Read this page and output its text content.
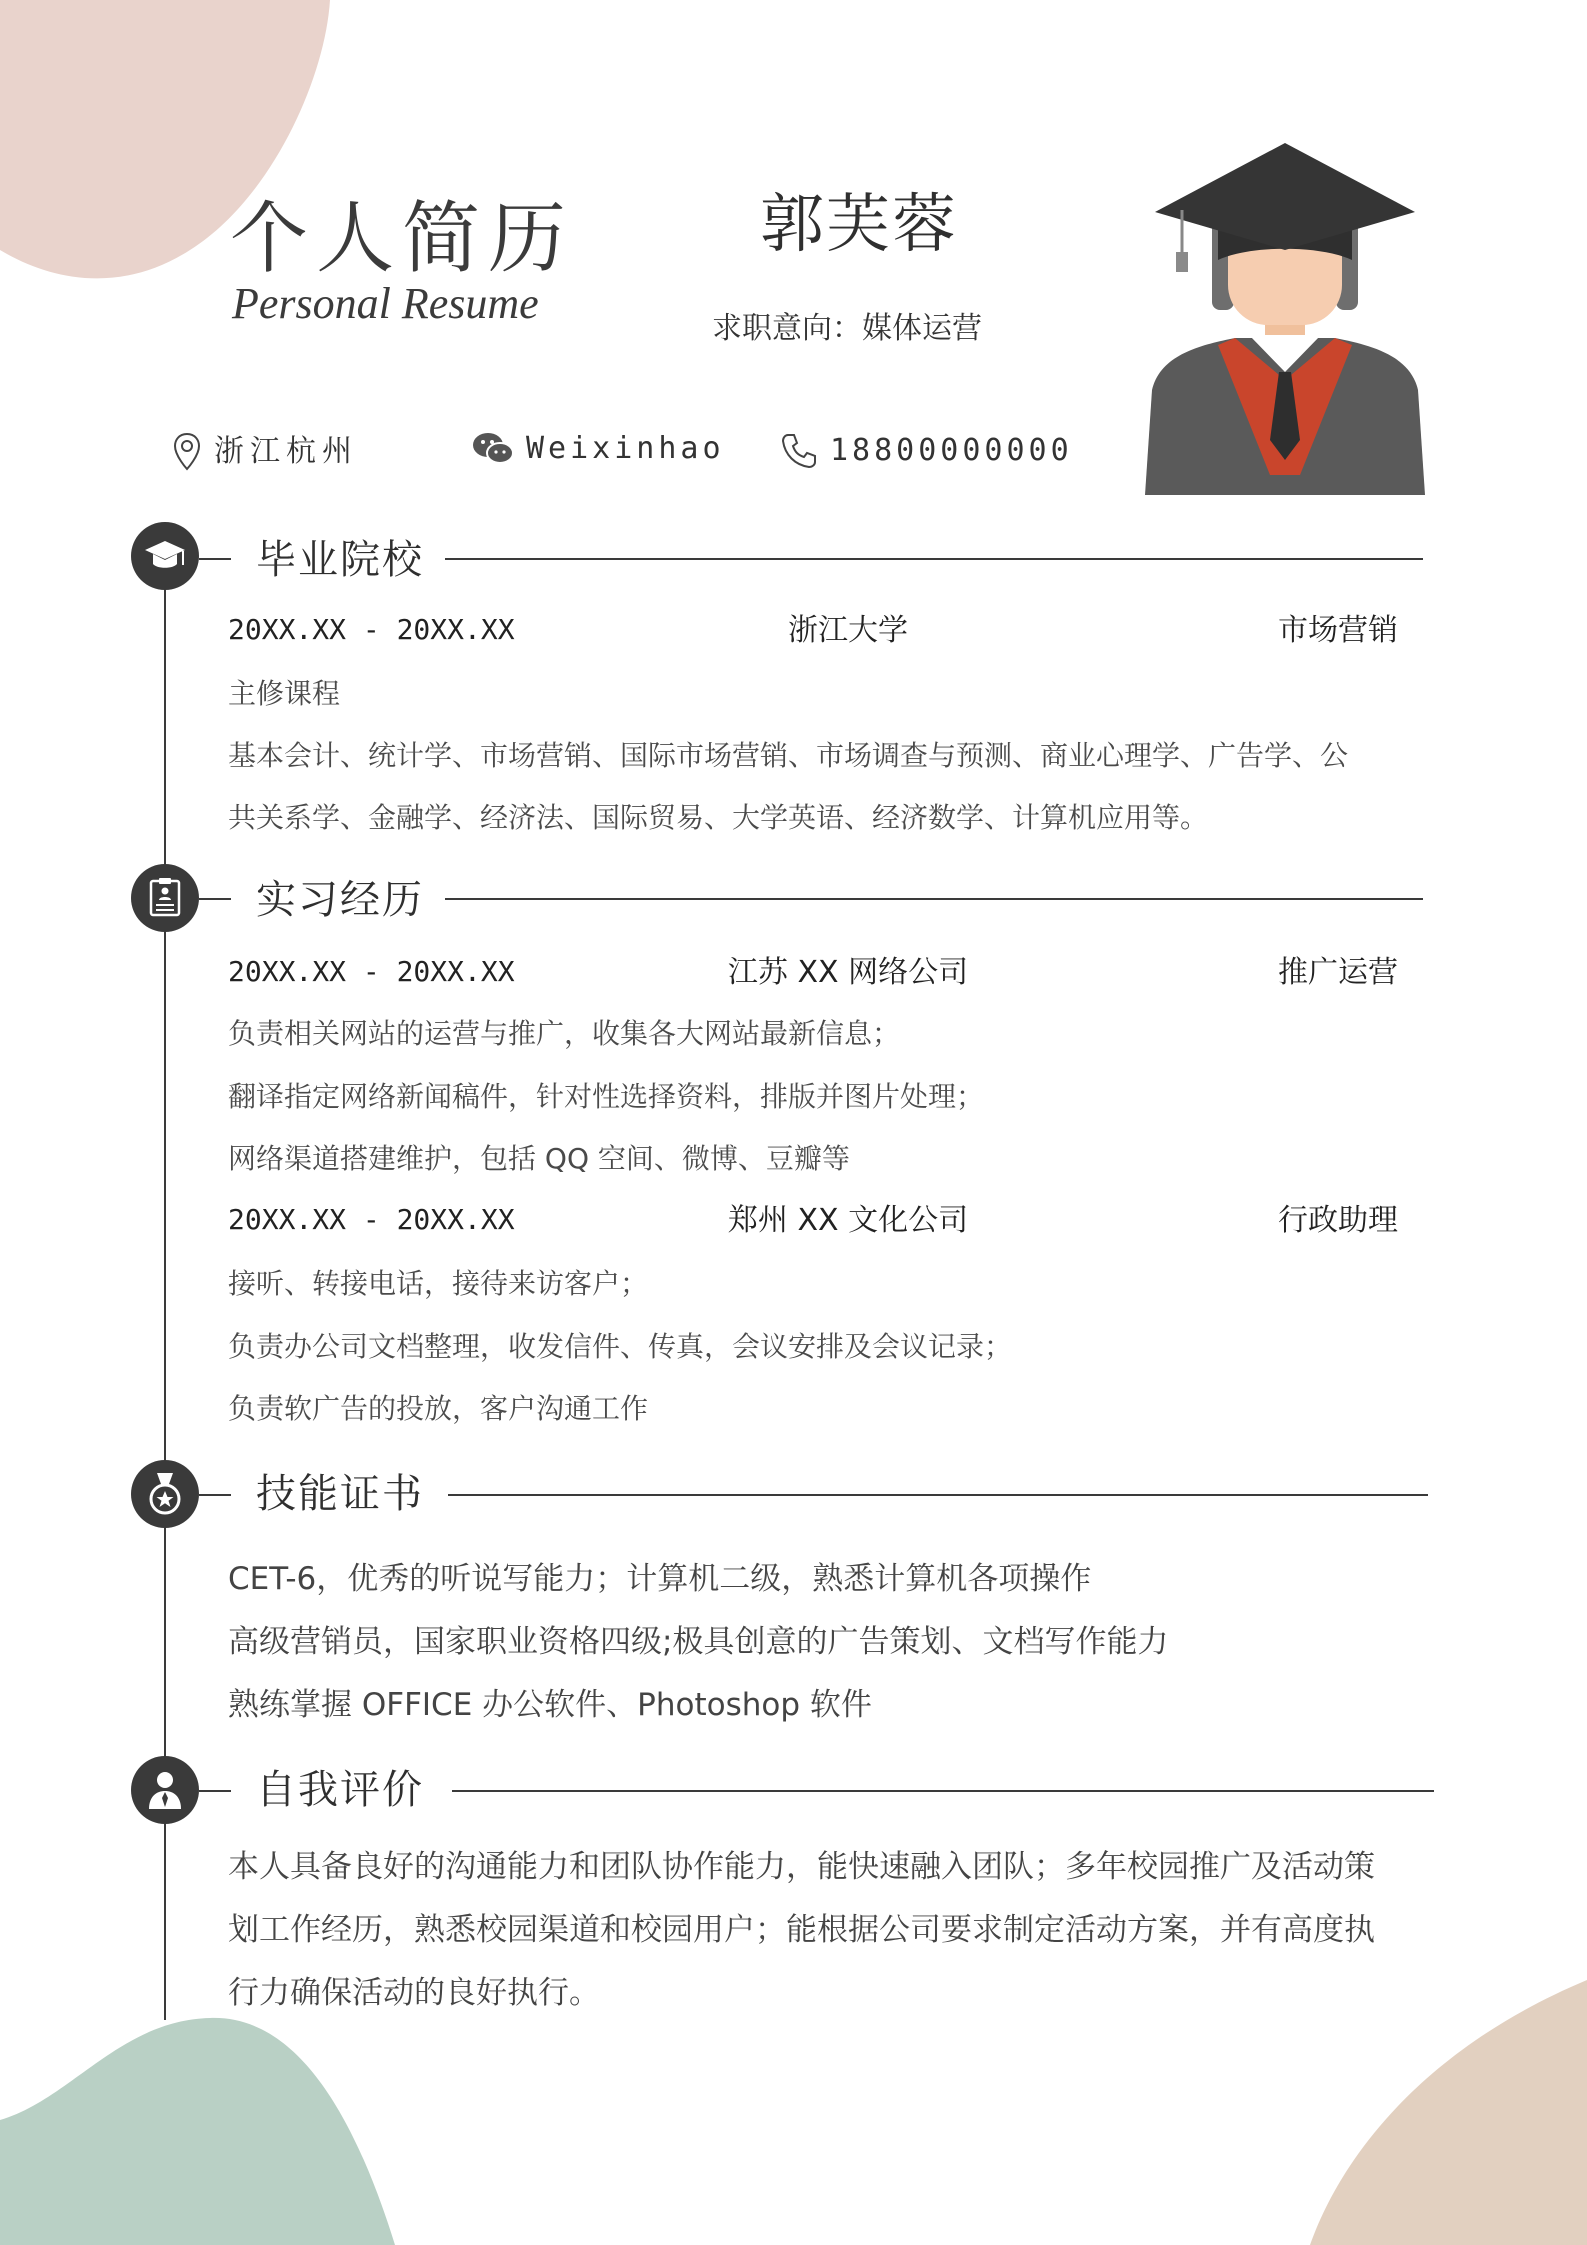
个人简历
Personal Resume
郭芙蓉
求职意向：媒体运营
浙江杭州	Weixinhao	18800000000
毕业院校
20XX.XX - 20XX.XX	浙江大学	市场营销
主修课程
基本会计、统计学、市场营销、国际市场营销、市场调查与预测、商业心理学、广告学、公
共关系学、金融学、经济法、国际贸易、大学英语、经济数学、计算机应用等。
实习经历
20XX.XX - 20XX.XX	江苏 XX 网络公司	推广运营
负责相关网站的运营与推广，收集各大网站最新信息；
翻译指定网络新闻稿件，针对性选择资料，排版并图片处理；
网络渠道搭建维护，包括 QQ 空间、微博、豆瓣等
20XX.XX - 20XX.XX	郑州 XX 文化公司	行政助理
接听、转接电话，接待来访客户；
负责办公司文档整理，收发信件、传真，会议安排及会议记录；
负责软广告的投放，客户沟通工作
技能证书
CET-6，优秀的听说写能力；计算机二级，熟悉计算机各项操作
高级营销员，国家职业资格四级;极具创意的广告策划、文档写作能力
熟练掌握 OFFICE 办公软件、Photoshop 软件
自我评价
本人具备良好的沟通能力和团队协作能力，能快速融入团队；多年校园推广及活动策
划工作经历，熟悉校园渠道和校园用户；能根据公司要求制定活动方案，并有高度执
行力确保活动的良好执行。
